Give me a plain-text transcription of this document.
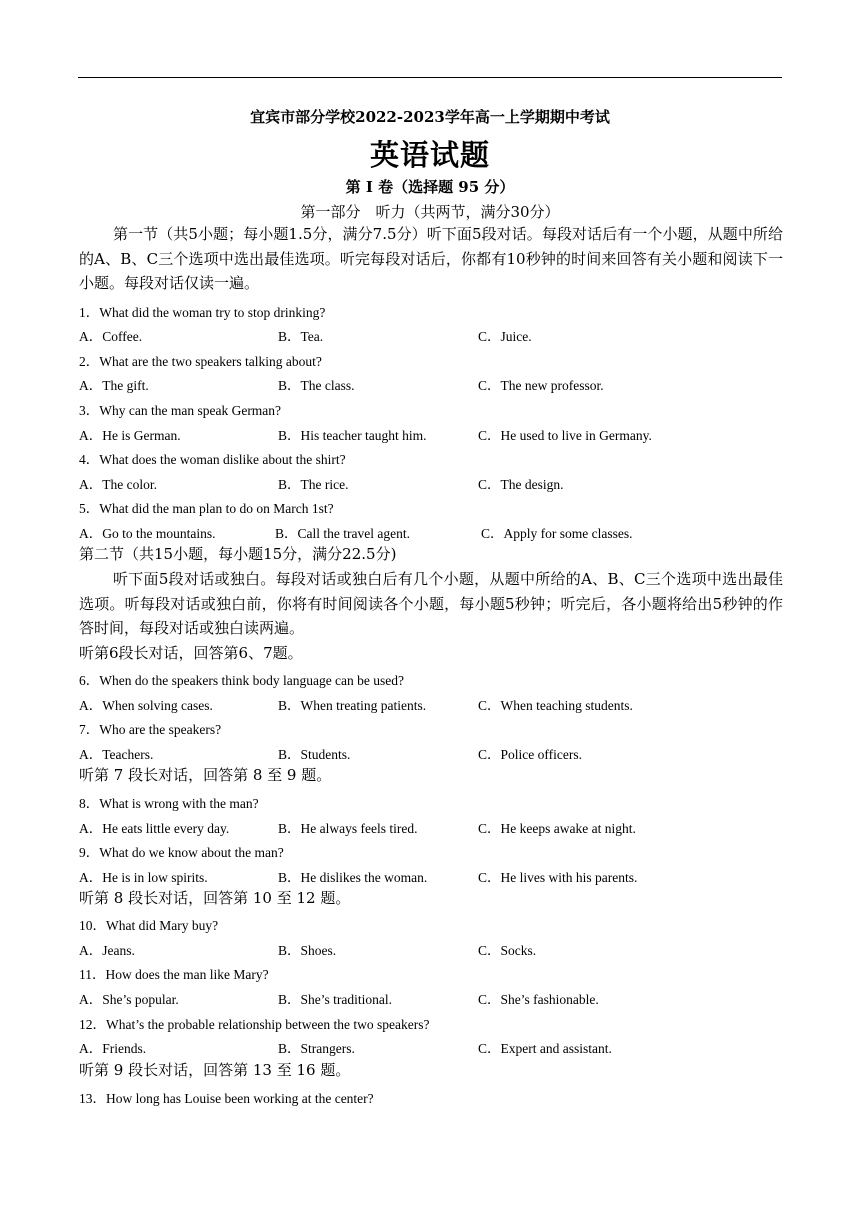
宜宾市部分学校2022-2023学年高一上学期期中考试
英语试题
第 I 卷（选择题 95 分）
第一部分　听力（共两节，满分30分）
第一节（共5小题；每小题1.5分，满分7.5分）听下面5段对话。每段对话后有一个小题，从题中所给的A、B、C三个选项中选出最佳选项。听完每段对话后，你都有10秒钟的时间来回答有关小题和阅读下一小题。每段对话仅读一遍。
1．What did the woman try to stop drinking?
A．Coffee.	B．Tea.	C．Juice.
2．What are the two speakers talking about?
A．The gift.	B．The class.	C．The new professor.
3．Why can the man speak German?
A．He is German.	B．His teacher taught him.	C．He used to live in Germany.
4．What does the woman dislike about the shirt?
A．The color.	B．The rice.	C．The design.
5．What did the man plan to do on March 1st?
A．Go to the mountains.	B．Call the travel agent.	C．Apply for some classes.
第二节（共15小题，每小题15分，满分22.5分)
听下面5段对话或独白。每段对话或独白后有几个小题，从题中所给的A、B、C三个选项中选出最佳选项。听每段对话或独白前，你将有时间阅读各个小题，每小题5秒钟；听完后，各小题将给出5秒钟的作答时间，每段对话或独白读两遍。
听第6段长对话，回答第6、7题。
6．When do the speakers think body language can be used?
A．When solving cases.	B．When treating patients.	C．When teaching students.
7．Who are the speakers?
A．Teachers.	B．Students.	C．Police officers.
听第 7 段长对话，回答第 8 至 9 题。
8．What is wrong with the man?
A．He eats little every day.	B．He always feels tired.	C．He keeps awake at night.
9．What do we know about the man?
A．He is in low spirits.	B．He dislikes the woman.	C．He lives with his parents.
听第 8 段长对话，回答第 10 至 12 题。
10．What did Mary buy?
A．Jeans.	B．Shoes.	C．Socks.
11．How does the man like Mary?
A．She’s popular.	B．She’s traditional.	C．She’s fashionable.
12．What’s the probable relationship between the two speakers?
A．Friends.	B．Strangers.	C．Expert and assistant.
听第 9 段长对话，回答第 13 至 16 题。
13．How long has Louise been working at the center?
